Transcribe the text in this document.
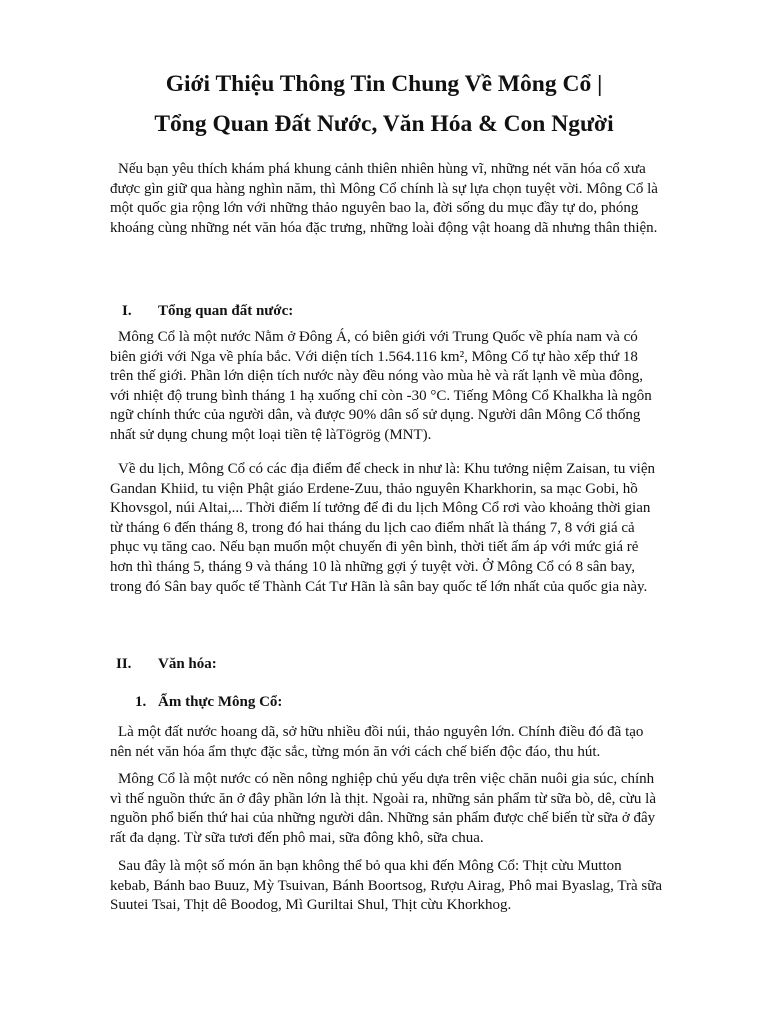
Giới Thiệu Thông Tin Chung Về Mông Cổ |
Tổng Quan Đất Nước, Văn Hóa & Con Người

Nếu bạn yêu thích khám phá khung cảnh thiên nhiên hùng vĩ, những nét văn hóa cổ xưa được gìn giữ qua hàng nghìn năm, thì Mông Cổ chính là sự lựa chọn tuyệt vời. Mông Cổ là một quốc gia rộng lớn với những thảo nguyên bao la, đời sống du mục đầy tự do, phóng khoáng cùng những nét văn hóa đặc trưng, những loài động vật hoang dã nhưng thân thiện.

I. Tổng quan đất nước:

Mông Cổ là một nước Nằm ở Đông Á, có biên giới với Trung Quốc về phía nam và có biên giới với Nga về phía bắc. Với diện tích 1.564.116 km², Mông Cổ tự hào xếp thứ 18 trên thế giới. Phần lớn diện tích nước này đều nóng vào mùa hè và rất lạnh về mùa đông, với nhiệt độ trung bình tháng 1 hạ xuống chỉ còn -30 °C. Tiếng Mông Cổ Khalkha là ngôn ngữ chính thức của người dân, và được 90% dân số sử dụng. Người dân Mông Cổ thống nhất sử dụng chung một loại tiền tệ làTögrög (MNT).

Về du lịch, Mông Cổ có các địa điểm để check in như là: Khu tưởng niệm Zaisan, tu viện Gandan Khiid, tu viện Phật giáo Erdene-Zuu, thảo nguyên Kharkhorin, sa mạc Gobi, hồ Khovsgol, núi Altai,... Thời điểm lí tưởng để đi du lịch Mông Cổ rơi vào khoảng thời gian từ tháng 6 đến tháng 8, trong đó hai tháng du lịch cao điểm nhất là tháng 7, 8 với giá cả phục vụ tăng cao. Nếu bạn muốn một chuyến đi yên bình, thời tiết ấm áp với mức giá rẻ hơn thì tháng 5, tháng 9 và tháng 10 là những gợi ý tuyệt vời. Ở Mông Cổ có 8 sân bay, trong đó Sân bay quốc tế Thành Cát Tư Hãn là sân bay quốc tế lớn nhất của quốc gia này.

II. Văn hóa:
1. Ẩm thực Mông Cổ:

Là một đất nước hoang dã, sở hữu nhiều đồi núi, thảo nguyên lớn. Chính điều đó đã tạo nên nét văn hóa ẩm thực đặc sắc, từng món ăn với cách chế biến độc đáo, thu hút.

Mông Cổ là một nước có nền nông nghiệp chủ yếu dựa trên việc chăn nuôi gia súc, chính vì thế nguồn thức ăn ở đây phần lớn là thịt. Ngoài ra, những sản phẩm từ sữa bò, dê, cừu là nguồn phổ biến thứ hai của những người dân. Những sản phẩm được chế biến từ sữa ở đây rất đa dạng. Từ sữa tươi đến phô mai, sữa đông khô, sữa chua.

Sau đây là một số món ăn bạn không thể bỏ qua khi đến Mông Cổ: Thịt cừu Mutton kebab, Bánh bao Buuz, Mỳ Tsuivan, Bánh Boortsog, Rượu Airag, Phô mai Byaslag, Trà sữa Suutei Tsai, Thịt dê Boodog, Mì Guriltai Shul, Thịt cừu Khorkhog.
